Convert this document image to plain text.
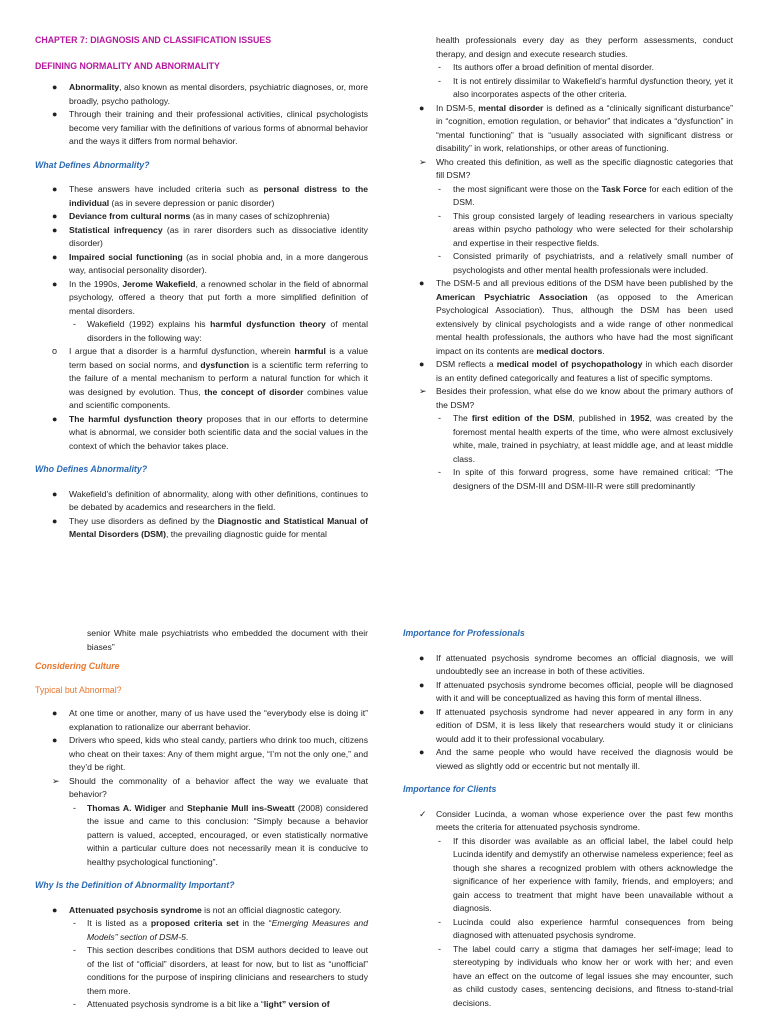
CHAPTER 7: DIAGNOSIS AND CLASSIFICATION ISSUES
DEFINING NORMALITY AND ABNORMALITY
● Abnormality, also known as mental disorders, psychiatric diagnoses, or, more broadly, psycho pathology.
● Through their training and their professional activities, clinical psychologists become very familiar with the definitions of various forms of abnormal behavior and the ways it differs from normal behavior.
What Defines Abnormality?
● These answers have included criteria such as personal distress to the individual (as in severe depression or panic disorder)
● Deviance from cultural norms (as in many cases of schizophrenia)
● Statistical infrequency (as in rarer disorders such as dissociative identity disorder)
● Impaired social functioning (as in social phobia and, in a more dangerous way, antisocial personality disorder).
● In the 1990s, Jerome Wakefield, a renowned scholar in the field of abnormal psychology, offered a theory that put forth a more simplified definition of mental disorders.
- Wakefield (1992) explains his harmful dysfunction theory of mental disorders in the following way:
o I argue that a disorder is a harmful dysfunction, wherein harmful is a value term based on social norms, and dysfunction is a scientific term referring to the failure of a mental mechanism to perform a natural function for which it was designed by evolution. Thus, the concept of disorder combines value and scientific components.
● The harmful dysfunction theory proposes that in our efforts to determine what is abnormal, we consider both scientific data and the social values in the context of which the behavior takes place.
Who Defines Abnormality?
● Wakefield’s definition of abnormality, along with other definitions, continues to be debated by academics and researchers in the field.
● They use disorders as defined by the Diagnostic and Statistical Manual of Mental Disorders (DSM), the prevailing diagnostic guide for mental
health professionals every day as they perform assessments, conduct therapy, and design and execute research studies.
- Its authors offer a broad definition of mental disorder.
- It is not entirely dissimilar to Wakefield’s harmful dysfunction theory, yet it also incorporates aspects of the other criteria.
● In DSM-5, mental disorder is defined as a “clinically significant disturbance” in “cognition, emotion regulation, or behavior” that indicates a “dysfunction” in “mental functioning” that is “usually associated with significant distress or disability” in work, relationships, or other areas of functioning.
➢ Who created this definition, as well as the specific diagnostic categories that fill DSM?
- the most significant were those on the Task Force for each edition of the DSM.
- This group consisted largely of leading researchers in various specialty areas within psycho pathology who were selected for their scholarship and expertise in their respective fields.
- Consisted primarily of psychiatrists, and a relatively small number of psychologists and other mental health professionals were included.
● The DSM-5 and all previous editions of the DSM have been published by the American Psychiatric Association (as opposed to the American Psychological Association). Thus, although the DSM has been used extensively by clinical psychologists and a wide range of other nonmedical mental health professionals, the authors who have had the most significant impact on its contents are medical doctors.
● DSM reflects a medical model of psychopathology in which each disorder is an entity defined categorically and features a list of specific symptoms.
➢ Besides their profession, what else do we know about the primary authors of the DSM?
- The first edition of the DSM, published in 1952, was created by the foremost mental health experts of the time, who were almost exclusively white, male, trained in psychiatry, at least middle age, and at least middle class.
- In spite of this forward progress, some have remained critical: “The designers of the DSM-III and DSM-III-R were still predominantly
senior White male psychiatrists who embedded the document with their biases”
Considering Culture
Typical but Abnormal?
● At one time or another, many of us have used the “everybody else is doing it” explanation to rationalize our aberrant behavior.
● Drivers who speed, kids who steal candy, partiers who drink too much, citizens who cheat on their taxes: Any of them might argue, “I’m not the only one,” and they’d be right.
➢ Should the commonality of a behavior affect the way we evaluate that behavior?
- Thomas A. Widiger and Stephanie Mull ins-Sweatt (2008) considered the issue and came to this conclusion: “Simply because a behavior pattern is valued, accepted, encouraged, or even statistically normative within a particular culture does not necessarily mean it is conducive to healthy psychological functioning”.
Why Is the Definition of Abnormality Important?
● Attenuated psychosis syndrome is not an official diagnostic category.
- It is listed as a proposed criteria set in the “Emerging Measures and Models” section of DSM-5.
- This section describes conditions that DSM authors decided to leave out of the list of “official” disorders, at least for now, but to list as “unofficial” conditions for the purpose of inspiring clinicians and researchers to study them more.
- Attenuated psychosis syndrome is a bit like a “light” version of
Importance for Professionals
● If attenuated psychosis syndrome becomes an official diagnosis, we will undoubtedly see an increase in both of these activities.
● If attenuated psychosis syndrome becomes official, people will be diagnosed with it and will be conceptualized as having this form of mental illness.
● If attenuated psychosis syndrome had never appeared in any form in any edition of DSM, it is less likely that researchers would study it or clinicians would add it to their professional vocabulary.
● And the same people who would have received the diagnosis would be viewed as slightly odd or eccentric but not mentally ill.
Importance for Clients
✓ Consider Lucinda, a woman whose experience over the past few months meets the criteria for attenuated psychosis syndrome.
- If this disorder was available as an official label, the label could help Lucinda identify and demystify an otherwise nameless experience; feel as though she shares a recognized problem with others acknowledge the significance of her experience with family, friends, and employers; and gain access to treatment that might have been unavailable without a diagnosis.
- Lucinda could also experience harmful consequences from being diagnosed with attenuated psychosis syndrome.
- The label could carry a stigma that damages her self-image; lead to stereotyping by individuals who know her or work with her; and even have an effect on the outcome of legal issues she may encounter, such as child custody cases, sentencing decisions, and fitness to-stand-trial decisions.
